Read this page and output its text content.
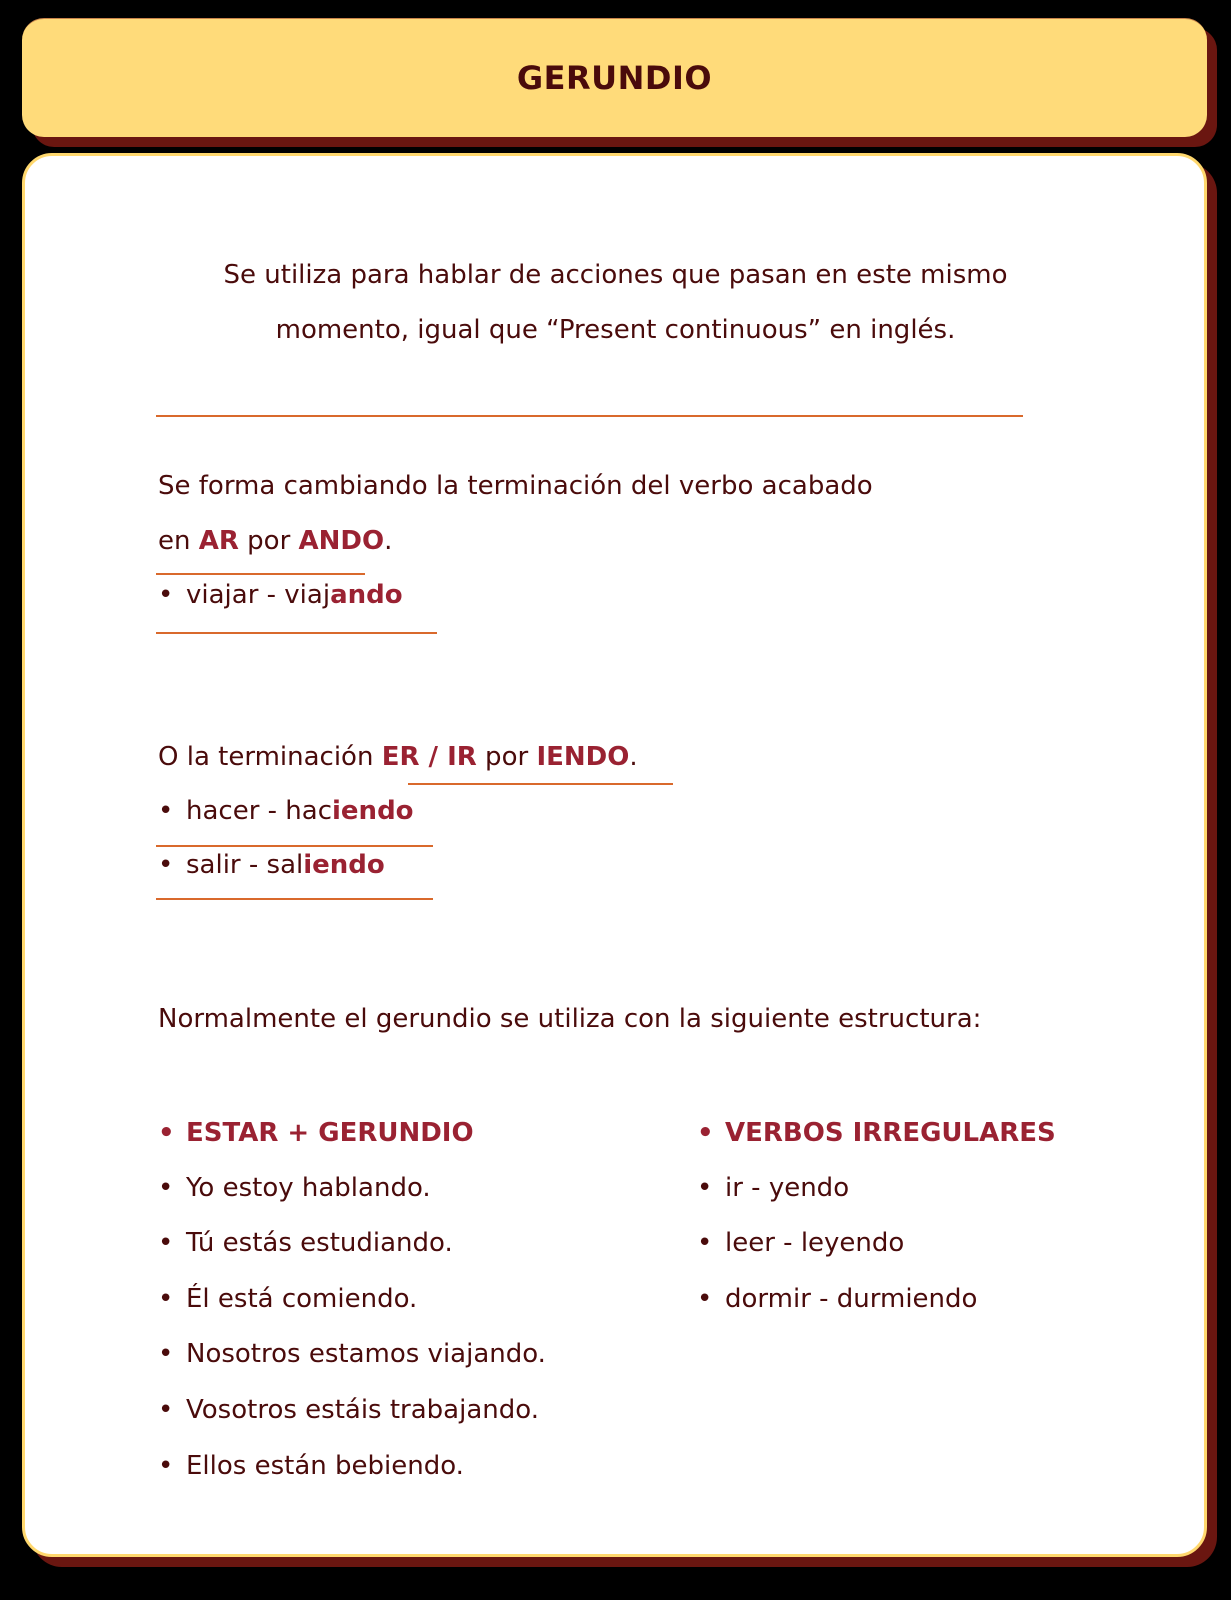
GERUNDIO
Se utiliza para hablar de acciones que pasan en este mismo
momento, igual que “Present continuous” en inglés.
Se forma cambiando la terminación del verbo acabado
en AR por ANDO.
• viajar - viajando
O la terminación ER / IR por IENDO.
• hacer - haciendo
• salir - saliendo
Normalmente el gerundio se utiliza con la siguiente estructura:
• ESTAR + GERUNDIO
• Yo estoy hablando.
• Tú estás estudiando.
• Él está comiendo.
• Nosotros estamos viajando.
• Vosotros estáis trabajando.
• Ellos están bebiendo.
• VERBOS IRREGULARES
• ir - yendo
• leer - leyendo
• dormir - durmiendo
